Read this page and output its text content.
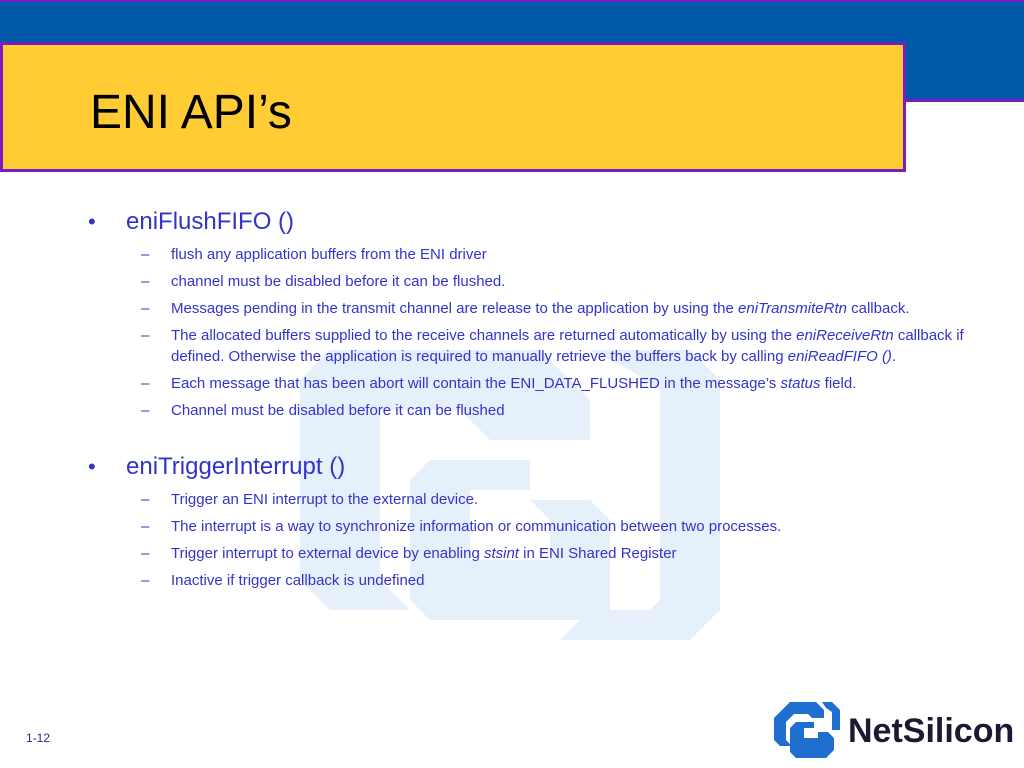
ENI API’s
• eniFlushFIFO ()
– flush any application buffers from the ENI driver
– channel must be disabled before it can be flushed.
– Messages pending in the transmit channel are release to the application by using the eniTransmiteRtn callback.
– The allocated buffers supplied to the receive channels are returned automatically by using the eniReceiveRtn callback if defined. Otherwise the application is required to manually retrieve the buffers back by calling eniReadFIFO ().
– Each message that has been abort will contain the ENI_DATA_FLUSHED in the message’s status field.
– Channel must be disabled before it can be flushed
• eniTriggerInterrupt ()
– Trigger an ENI interrupt to the external device.
– The interrupt is a way to synchronize information or communication between two processes.
– Trigger interrupt to external device by enabling stsint in ENI Shared Register
– Inactive if trigger callback is undefined
1-12	NetSilicon
